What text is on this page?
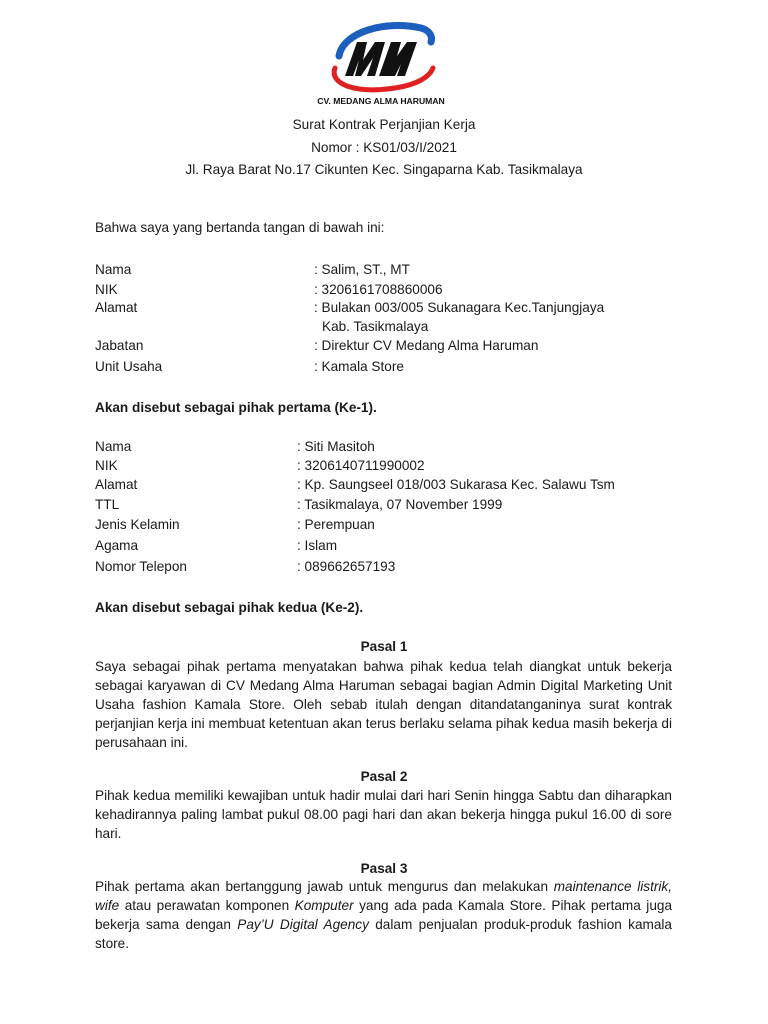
CV. MEDANG ALMA HARUMAN
Surat Kontrak Perjanjian Kerja
Nomor : KS01/03/I/2021
Jl. Raya Barat No.17 Cikunten Kec. Singaparna Kab. Tasikmalaya
Bahwa saya yang bertanda tangan di bawah ini:
Nama	: Salim, ST., MT
NIK	: 3206161708860006
Alamat	: Bulakan 003/005 Sukanagara Kec.Tanjungjaya
Kab. Tasikmalaya
Jabatan	: Direktur CV Medang Alma Haruman
Unit Usaha	: Kamala Store
Akan disebut sebagai pihak pertama (Ke-1).
Nama	: Siti Masitoh
NIK	: 3206140711990002
Alamat	: Kp. Saungseel 018/003 Sukarasa Kec. Salawu Tsm
TTL	: Tasikmalaya, 07 November 1999
Jenis Kelamin	: Perempuan
Agama	: Islam
Nomor Telepon	: 089662657193
Akan disebut sebagai pihak kedua (Ke-2).
Pasal 1
Saya sebagai pihak pertama menyatakan bahwa pihak kedua telah diangkat untuk bekerja sebagai karyawan di CV Medang Alma Haruman sebagai bagian Admin Digital Marketing Unit Usaha fashion Kamala Store. Oleh sebab itulah dengan ditandatanganinya surat kontrak perjanjian kerja ini membuat ketentuan akan terus berlaku selama pihak kedua masih bekerja di perusahaan ini.
Pasal 2
Pihak kedua memiliki kewajiban untuk hadir mulai dari hari Senin hingga Sabtu dan diharapkan kehadirannya paling lambat pukul 08.00 pagi hari dan akan bekerja hingga pukul 16.00 di sore hari.
Pasal 3
Pihak pertama akan bertanggung jawab untuk mengurus dan melakukan maintenance listrik, wife atau perawatan komponen Komputer yang ada pada Kamala Store. Pihak pertama juga bekerja sama dengan Pay’U Digital Agency dalam penjualan produk-produk fashion kamala store.
